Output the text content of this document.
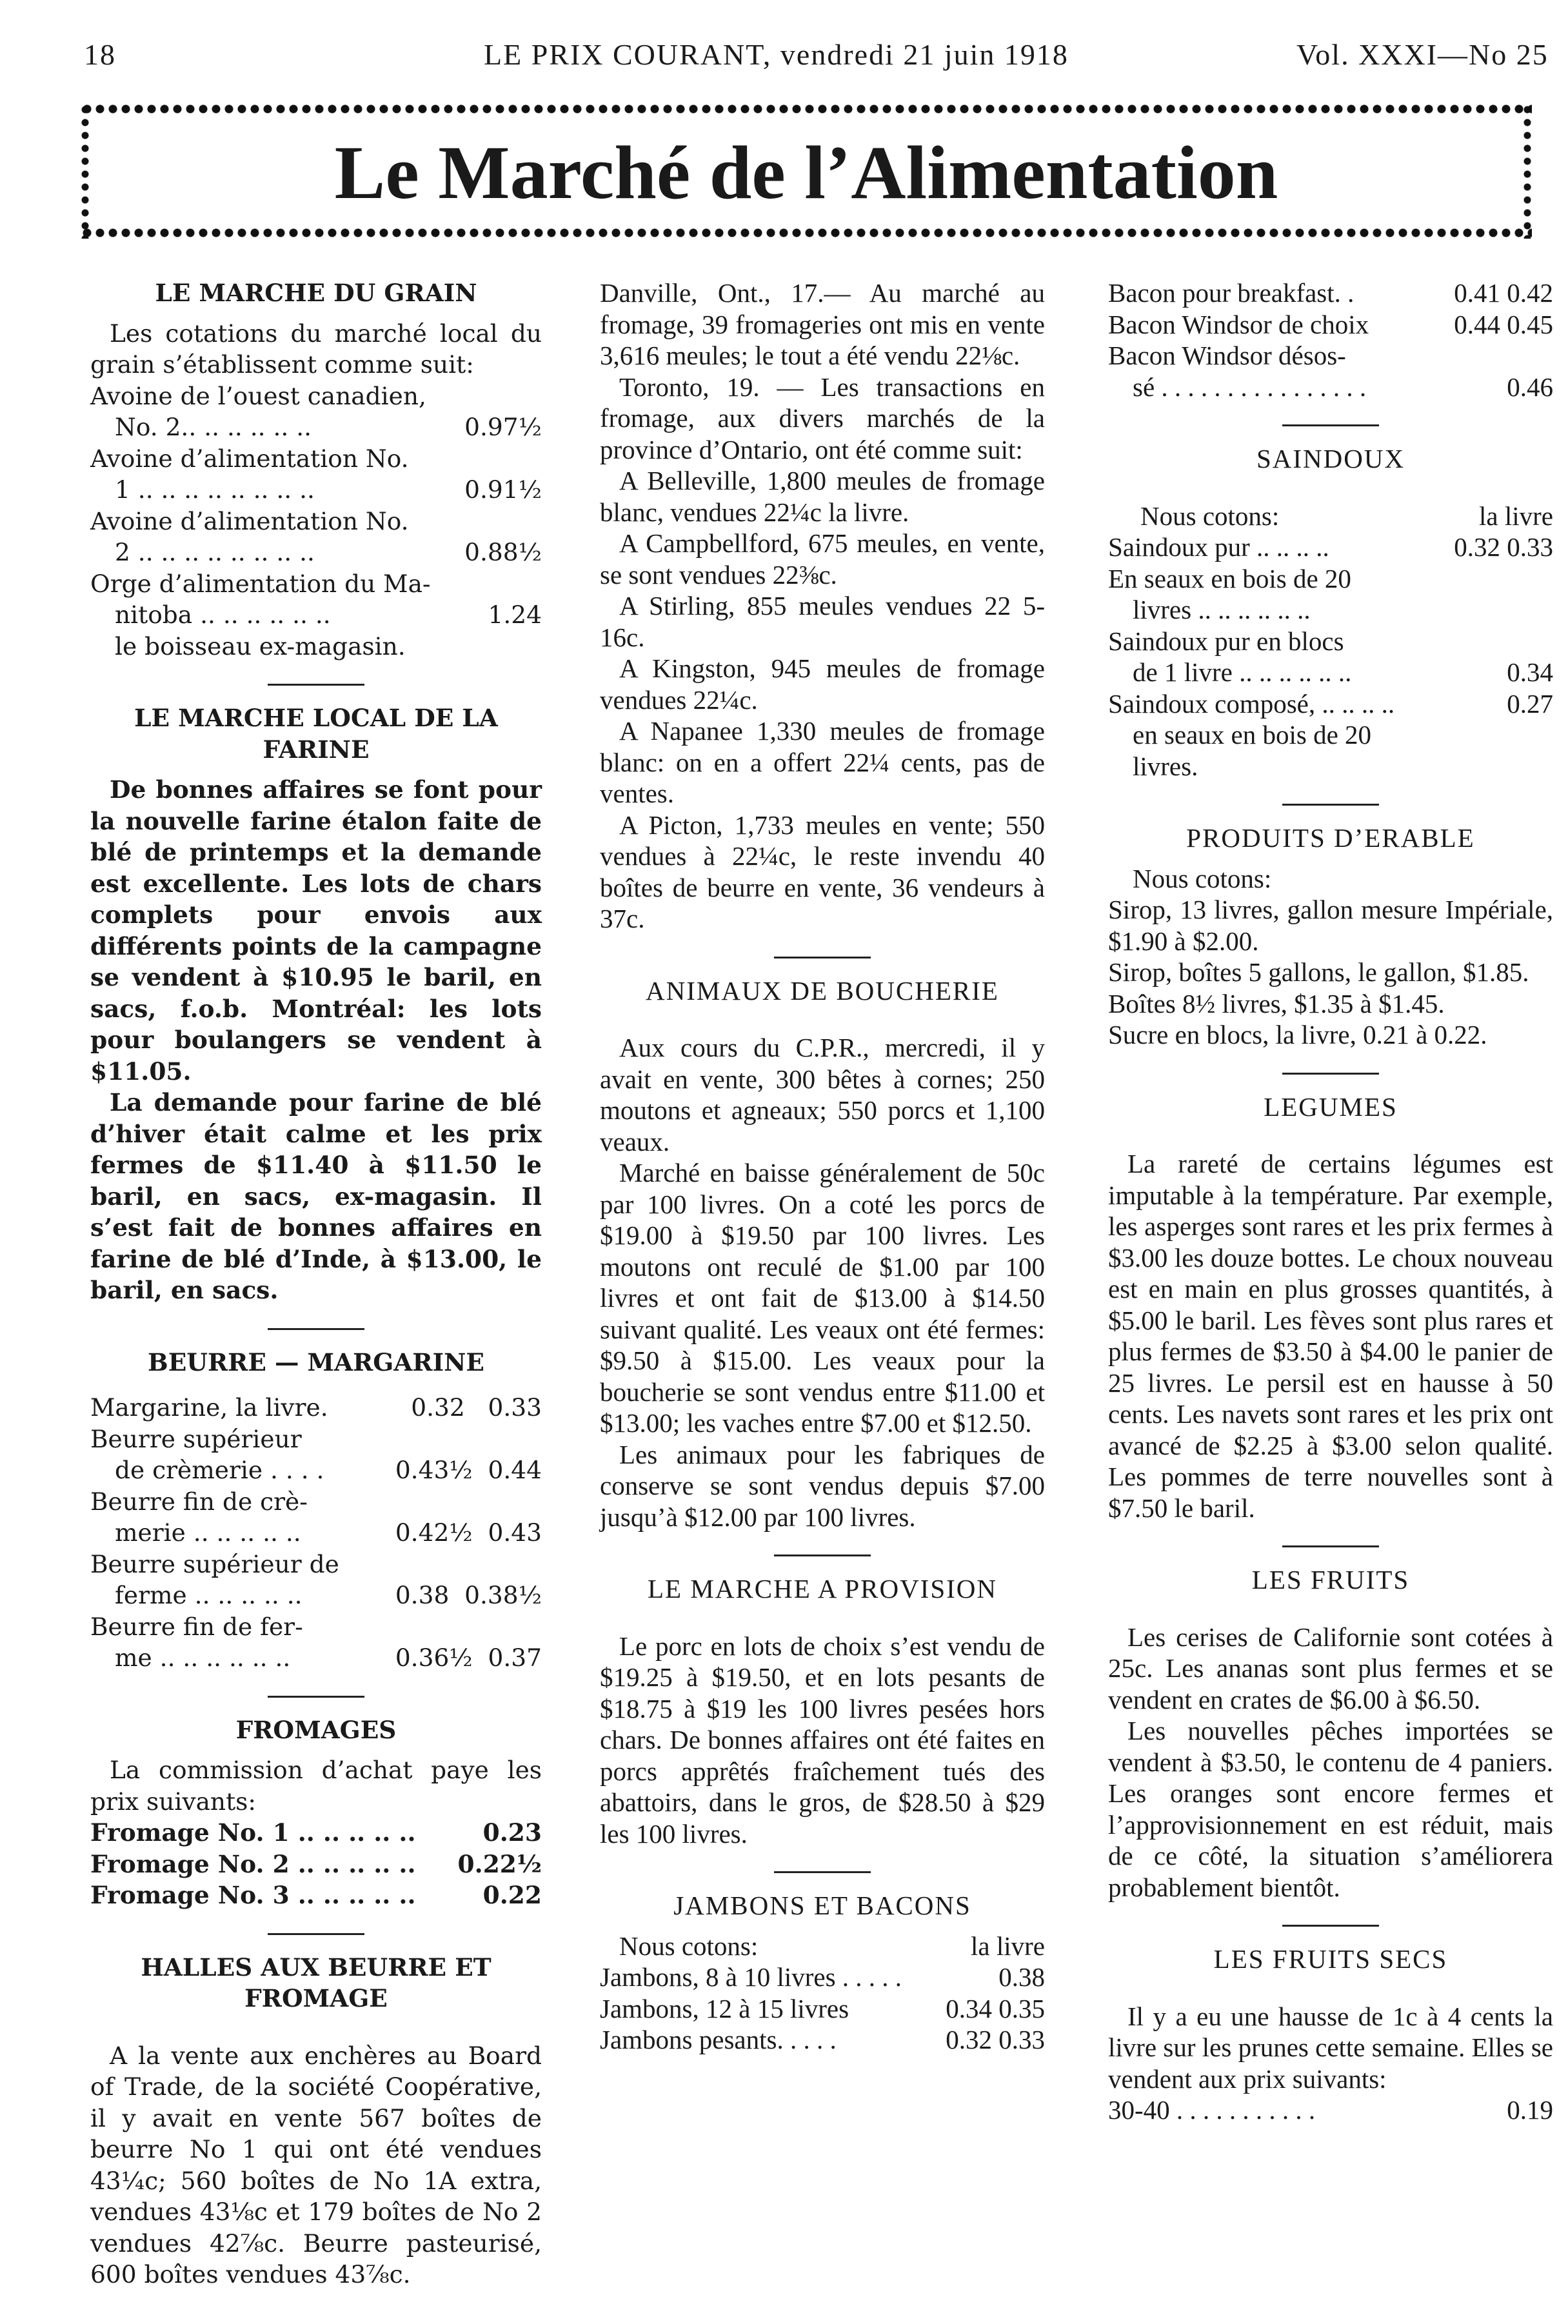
18	LE PRIX COURANT, vendredi 21 juin 1918	Vol. XXXI—No 25
Le Marché de l’Alimentation
LE MARCHE DU GRAIN

Les cotations du marché local du grain s’établissent comme suit:

Avoine de l’ouest canadien,
No. 2.. .. .. .. .. ..	0.97½
Avoine d’alimentation No.
1 .. .. .. .. .. .. .. ..	0.91½
Avoine d’alimentation No.
2 .. .. .. .. .. .. .. ..	0.88½
Orge d’alimentation du Ma-
nitoba .. .. .. .. .. ..	1.24

le boisseau ex-magasin.

LE MARCHE LOCAL DE LA FARINE

De bonnes affaires se font pour la nouvelle farine étalon faite de blé de printemps et la demande est excellente. Les lots de chars complets pour envois aux différents points de la campagne se vendent à $10.95 le baril, en sacs, f.o.b. Montréal: les lots pour boulangers se vendent à $11.05.

La demande pour farine de blé d’hiver était calme et les prix fermes de $11.40 à $11.50 le baril, en sacs, ex-magasin. Il s’est fait de bonnes affaires en farine de blé d’Inde, à $13.00, le baril, en sacs.

BEURRE — MARGARINE
Margarine, la livre.	0.32 0.33
Beurre supérieur
de crèmerie . . . .	0.43½ 0.44
Beurre fin de crè-
merie .. .. .. .. ..	0.42½ 0.43
Beurre supérieur de
ferme .. .. .. .. ..	0.38 0.38½
Beurre fin de fer-
me .. .. .. .. .. ..	0.36½ 0.37
FROMAGES

La commission d’achat paye les prix suivants:

Fromage No. 1 .. .. .. .. ..	0.23
Fromage No. 2 .. .. .. .. .. 0.22½
Fromage No. 3 .. .. .. .. ..	0.22
HALLES AUX BEURRE ET FROMAGE

A la vente aux enchères au Board of Trade, de la société Coopérative, il y avait en vente 567 boîtes de beurre No 1 qui ont été vendues 43¼c; 560 boîtes de No 1A extra, vendues 43⅛c et 179 boîtes de No 2 vendues 42⅞c. Beurre pasteurisé, 600 boîtes vendues 43⅞c.

Danville, Ont., 17.— Au marché au fromage, 39 fromageries ont mis en vente 3,616 meules; le tout a été vendu 22⅛c.

Toronto, 19. — Les transactions en fromage, aux divers marchés de la province d’Ontario, ont été comme suit:

A Belleville, 1,800 meules de fromage blanc, vendues 22¼c la livre.

A Campbellford, 675 meules, en vente, se sont vendues 22⅜c.

A Stirling, 855 meules vendues 22 5-16c.

A Kingston, 945 meules de fromage vendues 22¼c.

A Napanee 1,330 meules de fromage blanc: on en a offert 22¼ cents, pas de ventes.

A Picton, 1,733 meules en vente; 550 vendues à 22¼c, le reste invendu 40 boîtes de beurre en vente, 36 vendeurs à 37c.

ANIMAUX DE BOUCHERIE

Aux cours du C.P.R., mercredi, il y avait en vente, 300 bêtes à cornes; 250 moutons et agneaux; 550 porcs et 1,100 veaux.

Marché en baisse généralement de 50c par 100 livres. On a coté les porcs de $19.00 à $19.50 par 100 livres. Les moutons ont reculé de $1.00 par 100 livres et ont fait de $13.00 à $14.50 suivant qualité. Les veaux ont été fermes: $9.50 à $15.00. Les veaux pour la boucherie se sont vendus entre $11.00 et $13.00; les vaches entre $7.00 et $12.50.

Les animaux pour les fabriques de conserve se sont vendus depuis $7.00 jusqu’à $12.00 par 100 livres.

LE MARCHE A PROVISION

Le porc en lots de choix s’est vendu de $19.25 à $19.50, et en lots pesants de $18.75 à $19 les 100 livres pesées hors chars. De bonnes affaires ont été faites en porcs apprêtés fraîchement tués des abattoirs, dans le gros, de $28.50 à $29 les 100 livres.

JAMBONS ET BACONS
Nous cotons:	la livre
Jambons, 8 à 10 livres . . . . .	0.38
Jambons, 12 à 15 livres	0.34 0.35
Jambons pesants. . . . .	0.32 0.33
Bacon pour breakfast. .	0.41 0.42
Bacon Windsor de choix	0.44 0.45
Bacon Windsor désos-
sé . . . . . . . . . . . . . . . .	0.46
SAINDOUX
Nous cotons:	la livre
Saindoux pur .. .. .. ..	0.32 0.33
En seaux en bois de 20
livres .. .. .. .. .. ..
Saindoux pur en blocs
de 1 livre .. .. .. .. .. ..	0.34
Saindoux composé, .. .. .. ..	0.27
en seaux en bois de 20
livres.
PRODUITS D’ERABLE

Nous cotons:

Sirop, 13 livres, gallon mesure Impériale, $1.90 à $2.00.

Sirop, boîtes 5 gallons, le gallon, $1.85.

Boîtes 8½ livres, $1.35 à $1.45.

Sucre en blocs, la livre, 0.21 à 0.22.

LEGUMES

La rareté de certains légumes est imputable à la température. Par exemple, les asperges sont rares et les prix fermes à $3.00 les douze bottes. Le choux nouveau est en main en plus grosses quantités, à $5.00 le baril. Les fèves sont plus rares et plus fermes de $3.50 à $4.00 le panier de 25 livres. Le persil est en hausse à 50 cents. Les navets sont rares et les prix ont avancé de $2.25 à $3.00 selon qualité. Les pommes de terre nouvelles sont à $7.50 le baril.

LES FRUITS

Les cerises de Californie sont cotées à 25c. Les ananas sont plus fermes et se vendent en crates de $6.00 à $6.50.

Les nouvelles pêches importées se vendent à $3.50, le contenu de 4 paniers. Les oranges sont encore fermes et l’approvisionnement en est réduit, mais de ce côté, la situation s’améliorera probablement bientôt.

LES FRUITS SECS

Il y a eu une hausse de 1c à 4 cents la livre sur les prunes cette semaine. Elles se vendent aux prix suivants:

30-40 . . . . . . . . . . .	0.19
